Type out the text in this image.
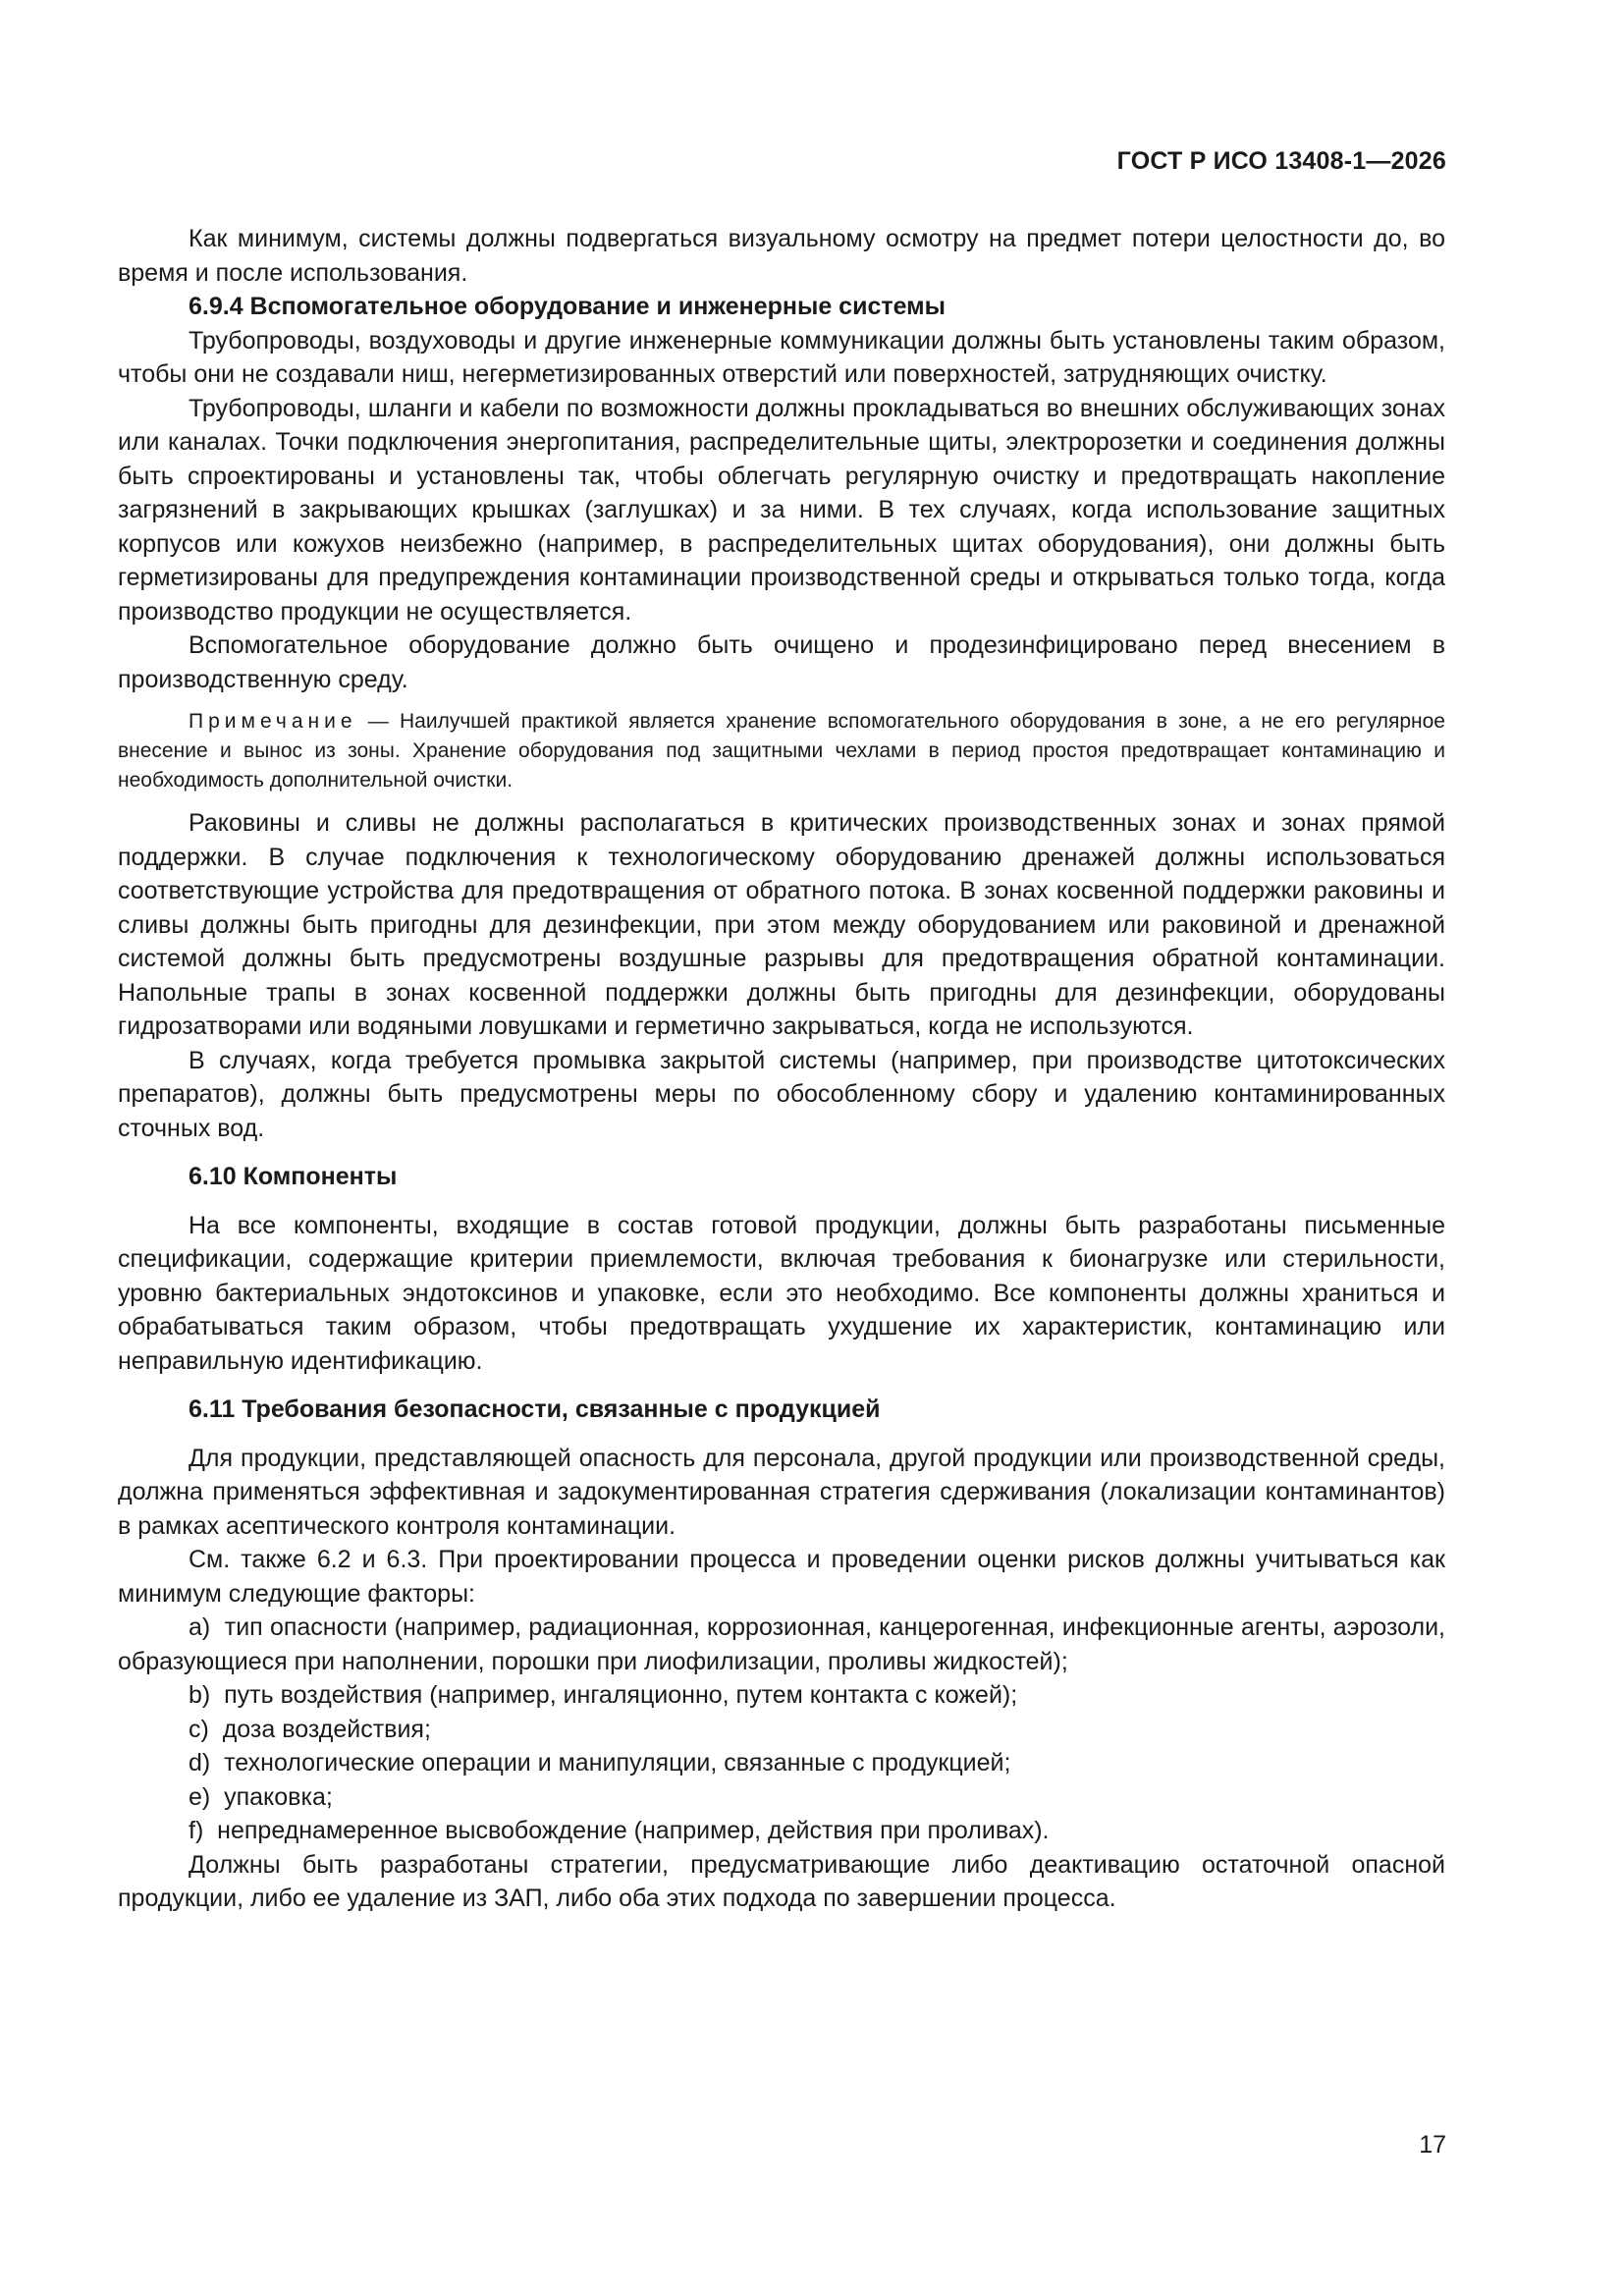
ГОСТ Р ИСО 13408-1—2026

Как минимум, системы должны подвергаться визуальному осмотру на предмет потери целостности до, во время и после использования.

6.9.4 Вспомогательное оборудование и инженерные системы

Трубопроводы, воздуховоды и другие инженерные коммуникации должны быть установлены таким образом, чтобы они не создавали ниш, негерметизированных отверстий или поверхностей, затрудняющих очистку.

Трубопроводы, шланги и кабели по возможности должны прокладываться во внешних обслуживающих зонах или каналах. Точки подключения энергопитания, распределительные щиты, электророзетки и соединения должны быть спроектированы и установлены так, чтобы облегчать регулярную очистку и предотвращать накопление загрязнений в закрывающих крышках (заглушках) и за ними. В тех случаях, когда использование защитных корпусов или кожухов неизбежно (например, в распределительных щитах оборудования), они должны быть герметизированы для предупреждения контаминации производственной среды и открываться только тогда, когда производство продукции не осуществляется.

Вспомогательное оборудование должно быть очищено и продезинфицировано перед внесением в производственную среду.

Примечание — Наилучшей практикой является хранение вспомогательного оборудования в зоне, а не его регулярное внесение и вынос из зоны. Хранение оборудования под защитными чехлами в период простоя предотвращает контаминацию и необходимость дополнительной очистки.

Раковины и сливы не должны располагаться в критических производственных зонах и зонах прямой поддержки. В случае подключения к технологическому оборудованию дренажей должны использоваться соответствующие устройства для предотвращения от обратного потока. В зонах косвенной поддержки раковины и сливы должны быть пригодны для дезинфекции, при этом между оборудованием или раковиной и дренажной системой должны быть предусмотрены воздушные разрывы для предотвращения обратной контаминации. Напольные трапы в зонах косвенной поддержки должны быть пригодны для дезинфекции, оборудованы гидрозатворами или водяными ловушками и герметично закрываться, когда не используются.

В случаях, когда требуется промывка закрытой системы (например, при производстве цитотоксических препаратов), должны быть предусмотрены меры по обособленному сбору и удалению контаминированных сточных вод.

6.10 Компоненты

На все компоненты, входящие в состав готовой продукции, должны быть разработаны письменные спецификации, содержащие критерии приемлемости, включая требования к бионагрузке или стерильности, уровню бактериальных эндотоксинов и упаковке, если это необходимо. Все компоненты должны храниться и обрабатываться таким образом, чтобы предотвращать ухудшение их характеристик, контаминацию или неправильную идентификацию.

6.11 Требования безопасности, связанные с продукцией

Для продукции, представляющей опасность для персонала, другой продукции или производственной среды, должна применяться эффективная и задокументированная стратегия сдерживания (локализации контаминантов) в рамках асептического контроля контаминации.

См. также 6.2 и 6.3. При проектировании процесса и проведении оценки рисков должны учитываться как минимум следующие факторы:

a)  тип опасности (например, радиационная, коррозионная, канцерогенная, инфекционные агенты, аэрозоли, образующиеся при наполнении, порошки при лиофилизации, проливы жидкостей);

b)  путь воздействия (например, ингаляционно, путем контакта с кожей);

c)  доза воздействия;

d)  технологические операции и манипуляции, связанные с продукцией;

e)  упаковка;

f)  непреднамеренное высвобождение (например, действия при проливах).

Должны быть разработаны стратегии, предусматривающие либо деактивацию остаточной опасной продукции, либо ее удаление из ЗАП, либо оба этих подхода по завершении процесса.

17
